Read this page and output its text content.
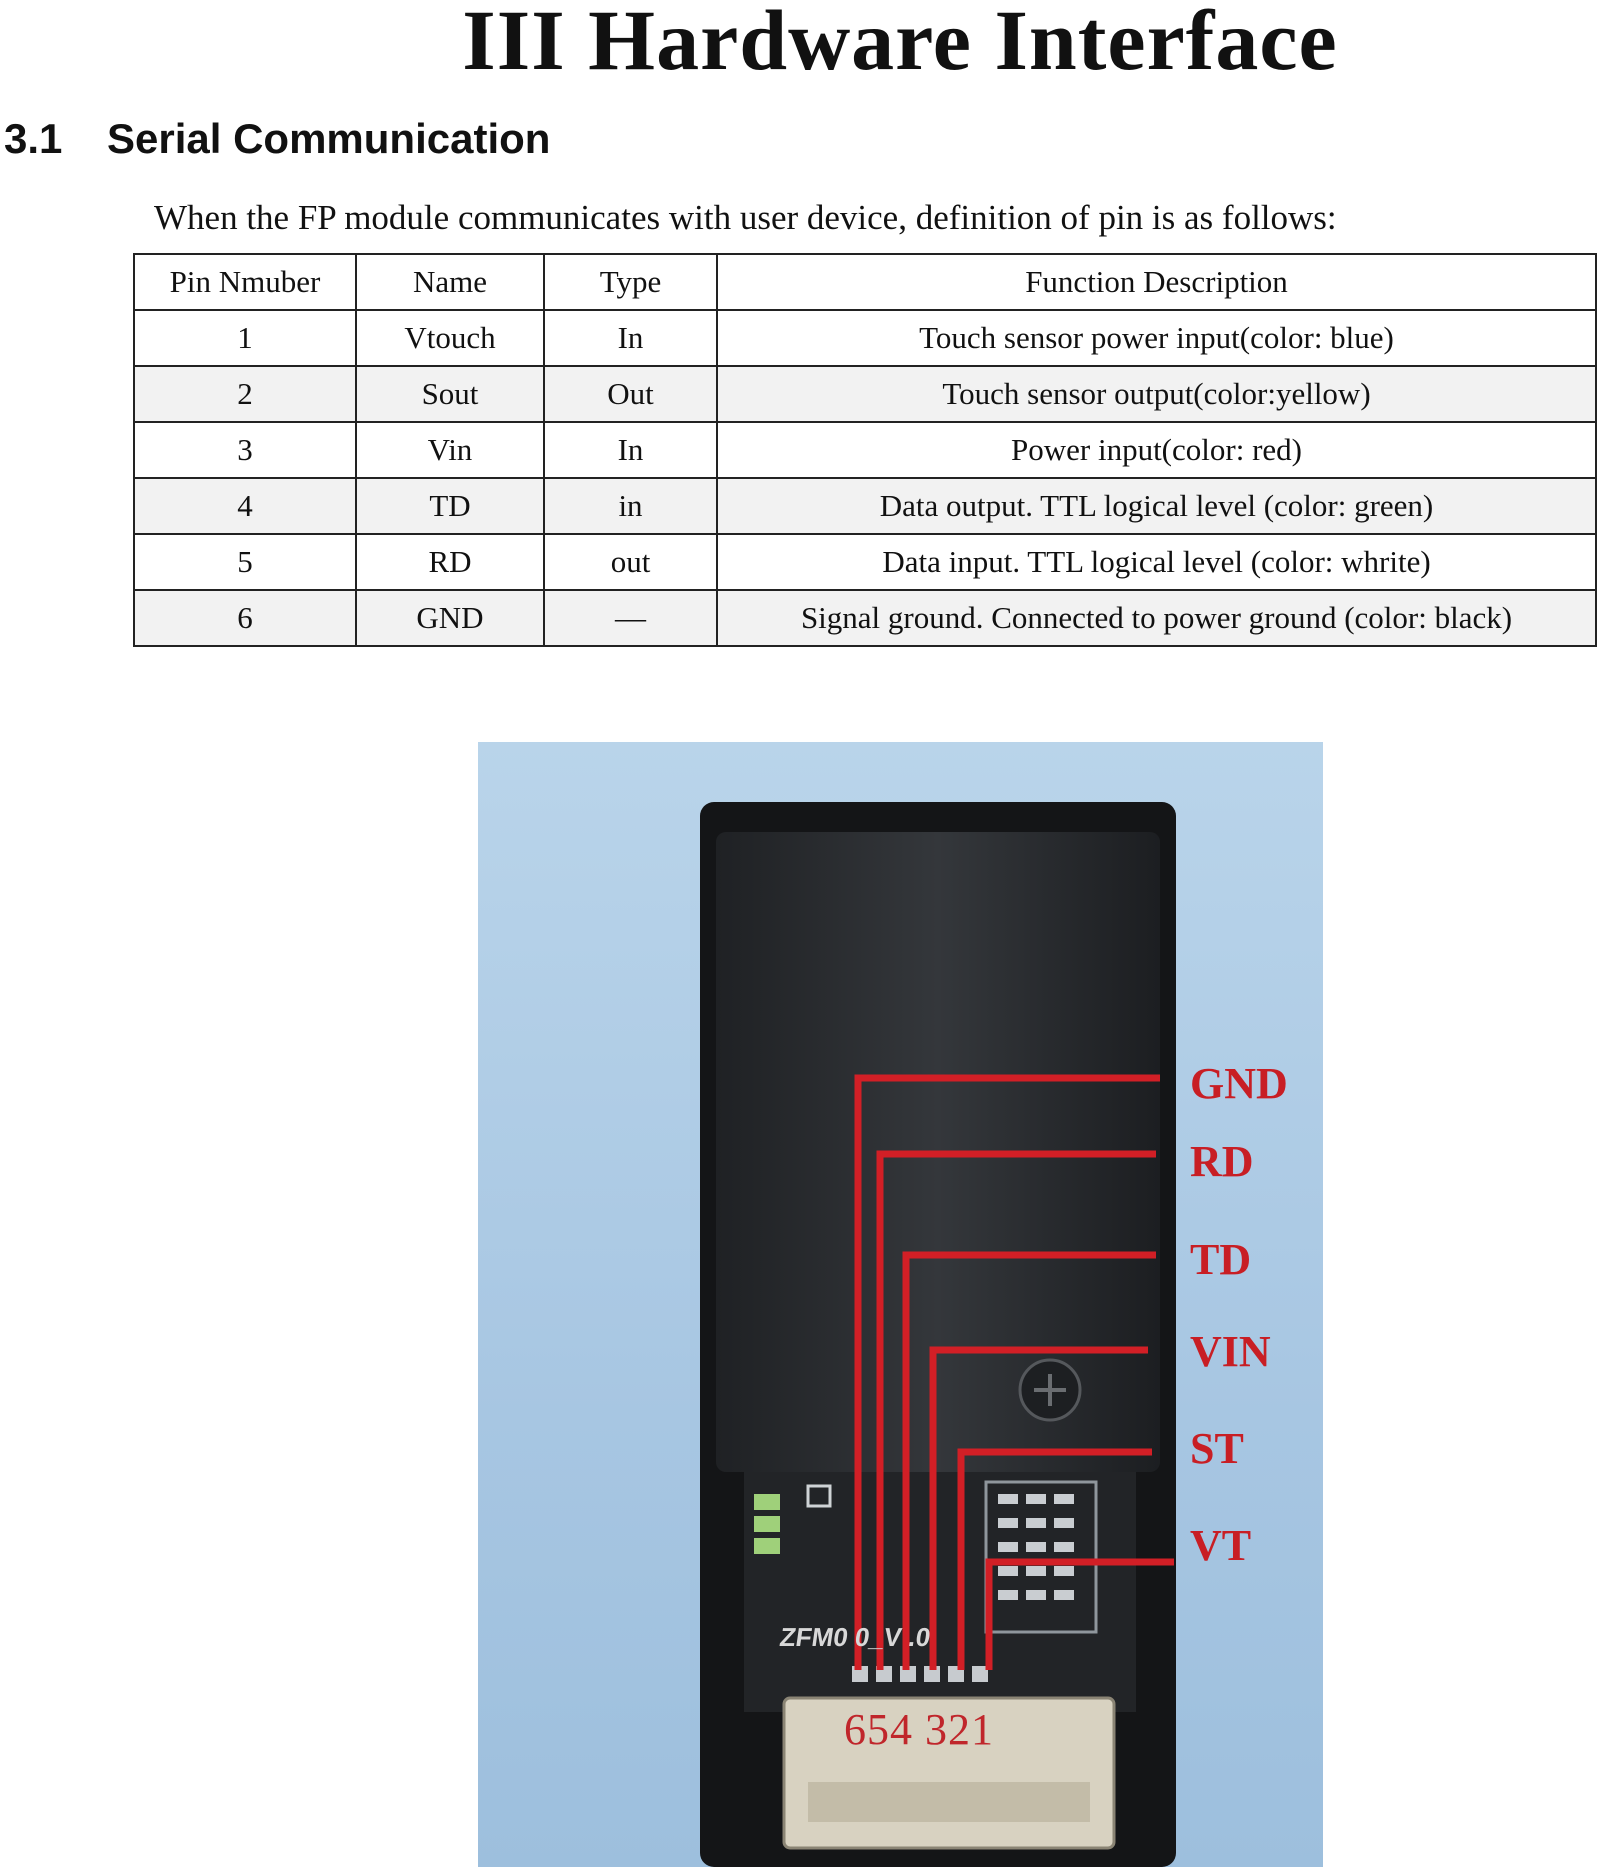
III Hardware Interface
3.1 Serial Communication
When the FP module communicates with user device, definition of pin is as follows:
Pin Nmuber	Name	Type	Function Description
1	Vtouch	In	Touch sensor power input(color: blue)
2	Sout	Out	Touch sensor output(color:yellow)
3	Vin	In	Power input(color: red)
4	TD	in	Data output. TTL logical level (color: green)
5	RD	out	Data input. TTL logical level (color: whrite)
6	GND	—	Signal ground. Connected to power ground (color: black)
GND
RD
TD
VIN
ST
VT
ZFM0 0_V .0
654 321
